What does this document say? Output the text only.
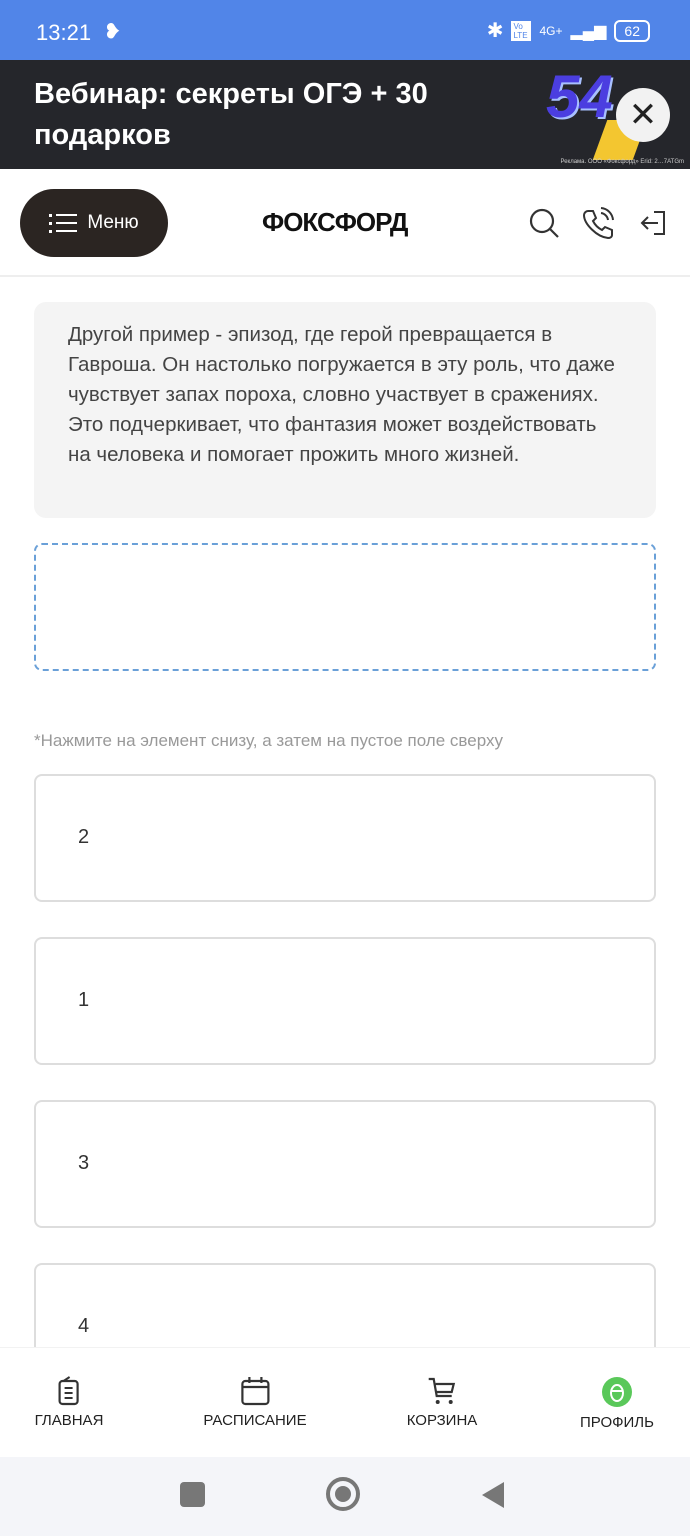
13:21 ❥	✱ Vo LTE 4G+ ▂▄▆	62
Вебинар: секреты ОГЭ + 30 подарков
54 ✕
Реклама. ООО «Фоксфорд» Erid: 2…7ATGm
Меню	ФОКСФОРД
Другой пример - эпизод, где герой превращается в Гавроша. Он настолько погружается в эту роль, что даже чувствует запах пороха, словно участвует в сражениях. Это подчеркивает, что фантазия может воздействовать на человека и помогает прожить много жизней.
*Нажмите на элемент снизу, а затем на пустое поле сверху
2
1
3
4
ГЛАВНАЯ	РАСПИСАНИЕ	КОРЗИНА	ПРОФИЛЬ
